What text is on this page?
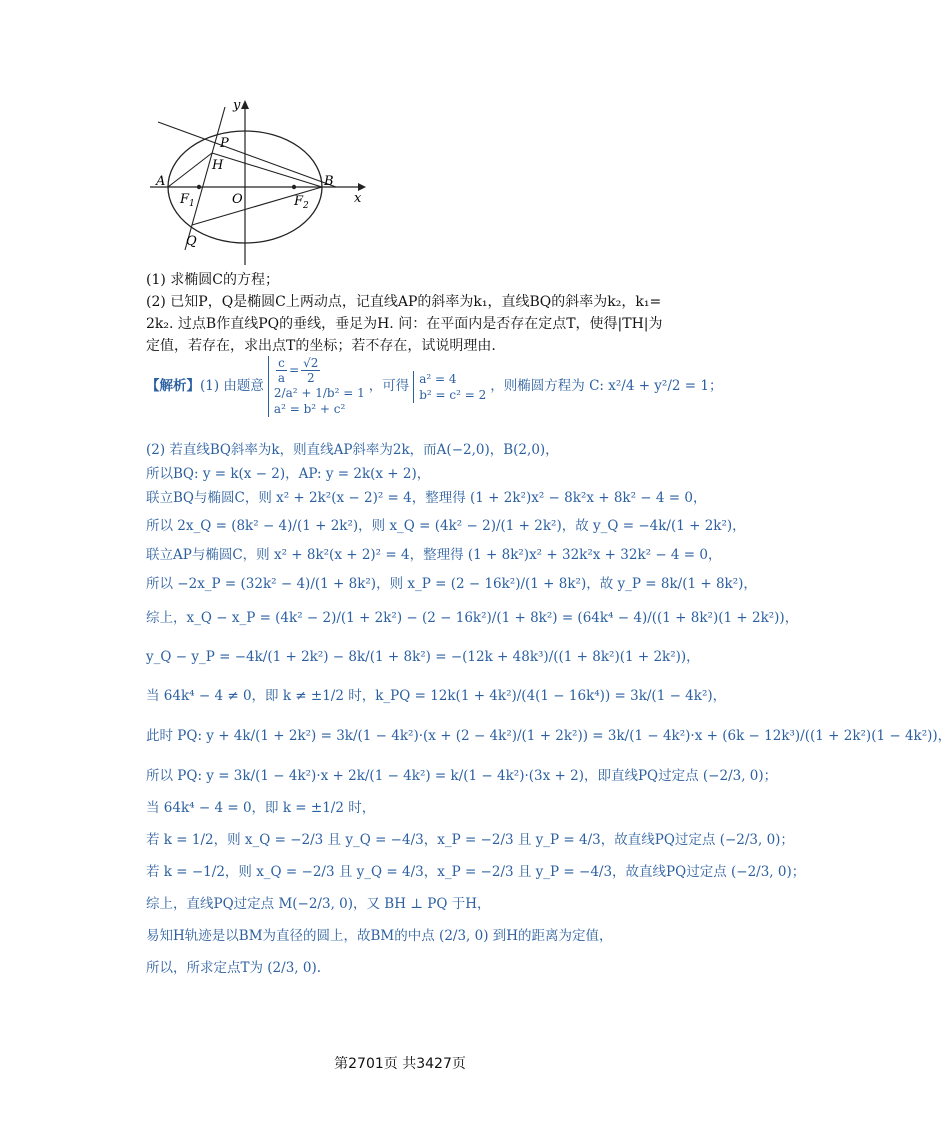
y
x
P
H
A	B
O
$F_1$	$F_2$
Q
(1) 求椭圆C的方程；
(2) 已知P，Q是椭圆C上两动点，记直线AP的斜率为k₁，直线BQ的斜率为k₂，k₁=
2k₂. 过点B作直线PQ的垂线，垂足为H. 问：在平面内是否存在定点T，使得|TH|为
定值，若存在，求出点T的坐标；若不存在，试说明理由.
【解析】(1) 由题意
$\frac{c}{a} = \frac{√2}{2}$

2/a² + 1/b² = 1
a² = b² + c²，可得 a² = 4
b² = c² = 2，则椭圆方程为 C: x²/4 + y²/2 = 1；
(2) 若直线BQ斜率为k，则直线AP斜率为2k，而A(−2,0)，B(2,0)，
所以BQ: y = k(x − 2)，AP: y = 2k(x + 2)，
联立BQ与椭圆C，则 x² + 2k²(x − 2)² = 4，整理得 (1 + 2k²)x² − 8k²x + 8k² − 4 = 0，
所以 2x_Q = (8k² − 4)/(1 + 2k²)，则 x_Q = (4k² − 2)/(1 + 2k²)，故 y_Q = −4k/(1 + 2k²)，
联立AP与椭圆C，则 x² + 8k²(x + 2)² = 4，整理得 (1 + 8k²)x² + 32k²x + 32k² − 4 = 0，
所以 −2x_P = (32k² − 4)/(1 + 8k²)，则 x_P = (2 − 16k²)/(1 + 8k²)，故 y_P = 8k/(1 + 8k²)，
综上，x_Q − x_P = (4k² − 2)/(1 + 2k²) − (2 − 16k²)/(1 + 8k²) = (64k⁴ − 4)/((1 + 8k²)(1 + 2k²))，
y_Q − y_P = −4k/(1 + 2k²) − 8k/(1 + 8k²) = −(12k + 48k³)/((1 + 8k²)(1 + 2k²))，
当 64k⁴ − 4 ≠ 0，即 k ≠ ±1/2 时，k_PQ = 12k(1 + 4k²)/(4(1 − 16k⁴)) = 3k/(1 − 4k²)，
此时 PQ: y + 4k/(1 + 2k²) = 3k/(1 − 4k²)·(x + (2 − 4k²)/(1 + 2k²)) = 3k/(1 − 4k²)·x + (6k − 12k³)/((1 + 2k²)(1 − 4k²))，
所以 PQ: y = 3k/(1 − 4k²)·x + 2k/(1 − 4k²) = k/(1 − 4k²)·(3x + 2)，即直线PQ过定点 (−2/3, 0)；
当 64k⁴ − 4 = 0，即 k = ±1/2 时，
若 k = 1/2，则 x_Q = −2/3 且 y_Q = −4/3，x_P = −2/3 且 y_P = 4/3，故直线PQ过定点 (−2/3, 0)；
若 k = −1/2，则 x_Q = −2/3 且 y_Q = 4/3，x_P = −2/3 且 y_P = −4/3，故直线PQ过定点 (−2/3, 0)；
综上，直线PQ过定点 M(−2/3, 0)，又 BH ⊥ PQ 于H，
易知H轨迹是以BM为直径的圆上，故BM的中点 (2/3, 0) 到H的距离为定值，
所以，所求定点T为 (2/3, 0).
第2701页 共3427页
